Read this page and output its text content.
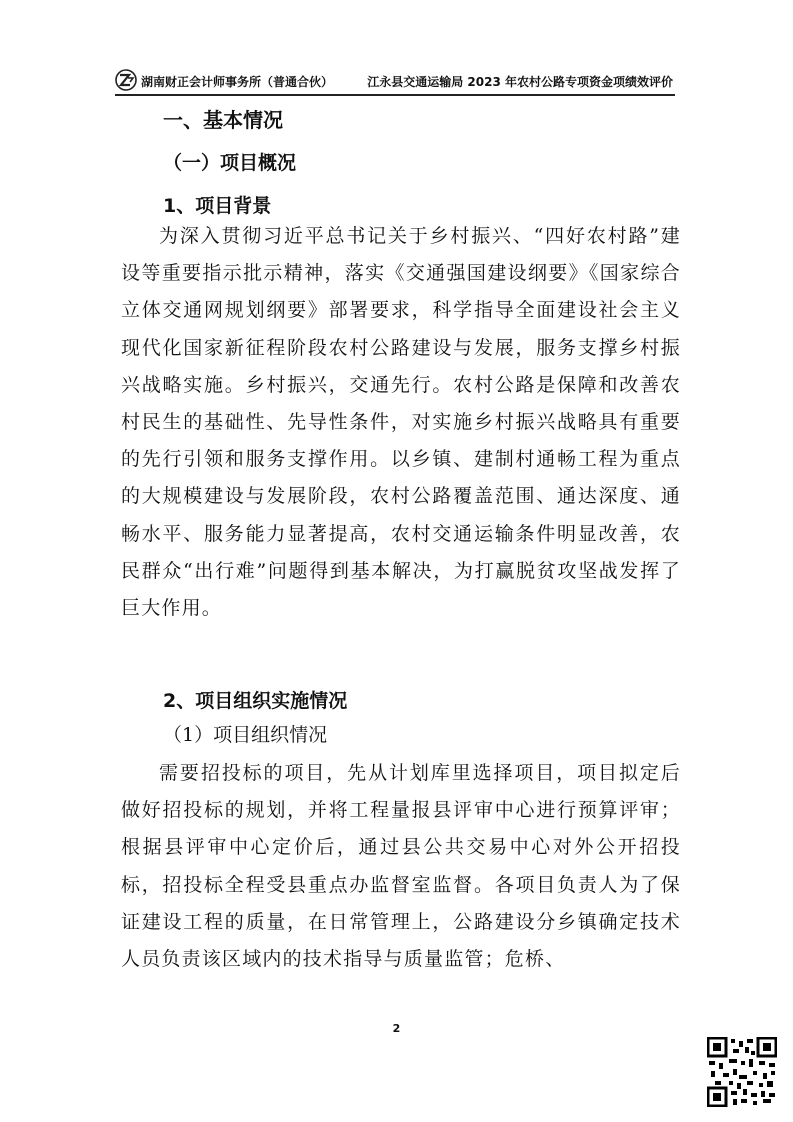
湖南财正会计师事务所（普通合伙）	江永县交通运输局 2023 年农村公路专项资金项绩效评价
一、基本情况
（一）项目概况
1、项目背景

为深入贯彻习近平总书记关于乡村振兴、“四好农村路”建设等重要指示批示精神，落实《交通强国建设纲要》《国家综合立体交通网规划纲要》部署要求，科学指导全面建设社会主义现代化国家新征程阶段农村公路建设与发展，服务支撑乡村振兴战略实施。乡村振兴，交通先行。农村公路是保障和改善农村民生的基础性、先导性条件，对实施乡村振兴战略具有重要的先行引领和服务支撑作用。以乡镇、建制村通畅工程为重点的大规模建设与发展阶段，农村公路覆盖范围、通达深度、通畅水平、服务能力显著提高，农村交通运输条件明显改善，农民群众“出行难”问题得到基本解决，为打赢脱贫攻坚战发挥了巨大作用。

2、项目组织实施情况
（1）项目组织情况

需要招投标的项目，先从计划库里选择项目，项目拟定后做好招投标的规划，并将工程量报县评审中心进行预算评审；根据县评审中心定价后，通过县公共交易中心对外公开招投标，招投标全程受县重点办监督室监督。各项目负责人为了保证建设工程的质量，在日常管理上，公路建设分乡镇确定技术人员负责该区域内的技术指导与质量监管；危桥、

2
